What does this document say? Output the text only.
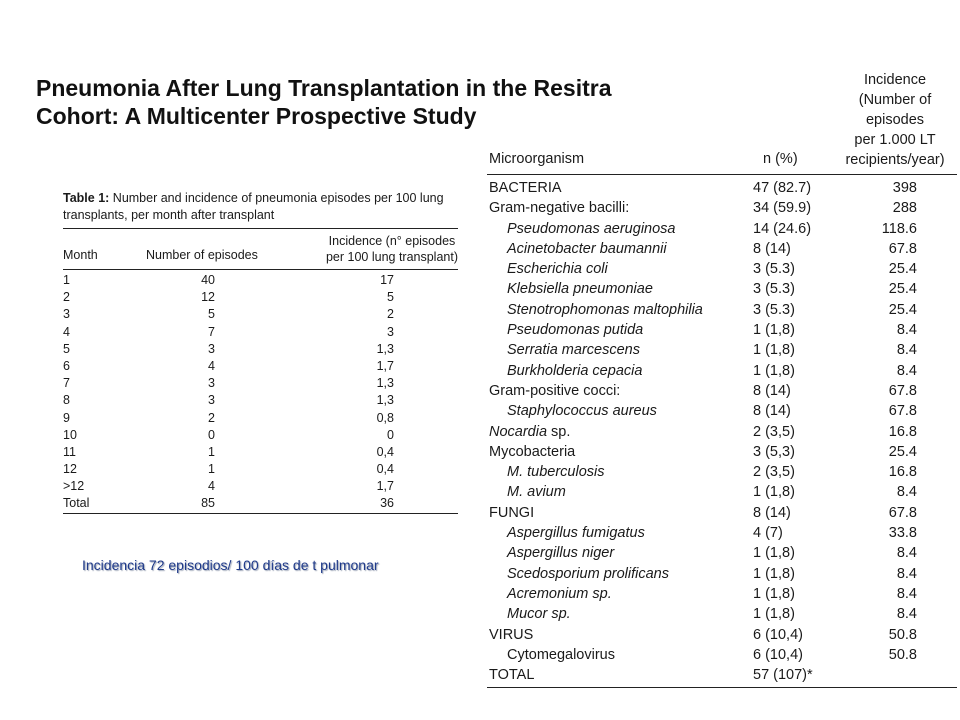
Pneumonia After Lung Transplantation in the Resitra
Cohort: A Multicenter Prospective Study
Table 1: Number and incidence of pneumonia episodes per 100 lung transplants, per month after transplant
Month	Number of episodes
Incidence (n° episodes
per 100 lung transplant)
1	40	17
2	12	5
3	5	2
4	7	3
5	3	1,3
6	4	1,7
7	3	1,3
8	3	1,3
9	2	0,8
10	0	0
11	1	0,4
12	1	0,4
>12	4	1,7
Total	85	36
Incidencia 72 episodios/ 100 días de t pulmonar
Microorganism	n (%)
Incidence
(Number of
episodes
per 1.000 LT
recipients/year)
BACTERIA	47 (82.7)	398
Gram-negative bacilli:	34 (59.9)	288
Pseudomonas aeruginosa	14 (24.6)	118.6
Acinetobacter baumannii	8 (14)	67.8
Escherichia coli	3 (5.3)	25.4
Klebsiella pneumoniae	3 (5.3)	25.4
Stenotrophomonas maltophilia	3 (5.3)	25.4
Pseudomonas putida	1 (1,8)	8.4
Serratia marcescens	1 (1,8)	8.4
Burkholderia cepacia	1 (1,8)	8.4
Gram-positive cocci:	8 (14)	67.8
Staphylococcus aureus	8 (14)	67.8
Nocardia sp.	2 (3,5)	16.8
Mycobacteria	3 (5,3)	25.4
M. tuberculosis	2 (3,5)	16.8
M. avium	1 (1,8)	8.4
FUNGI	8 (14)	67.8
Aspergillus fumigatus	4 (7)	33.8
Aspergillus niger	1 (1,8)	8.4
Scedosporium prolificans	1 (1,8)	8.4
Acremonium sp.	1 (1,8)	8.4
Mucor sp.	1 (1,8)	8.4
VIRUS	6 (10,4)	50.8
Cytomegalovirus	6 (10,4)	50.8
TOTAL	57 (107)*
